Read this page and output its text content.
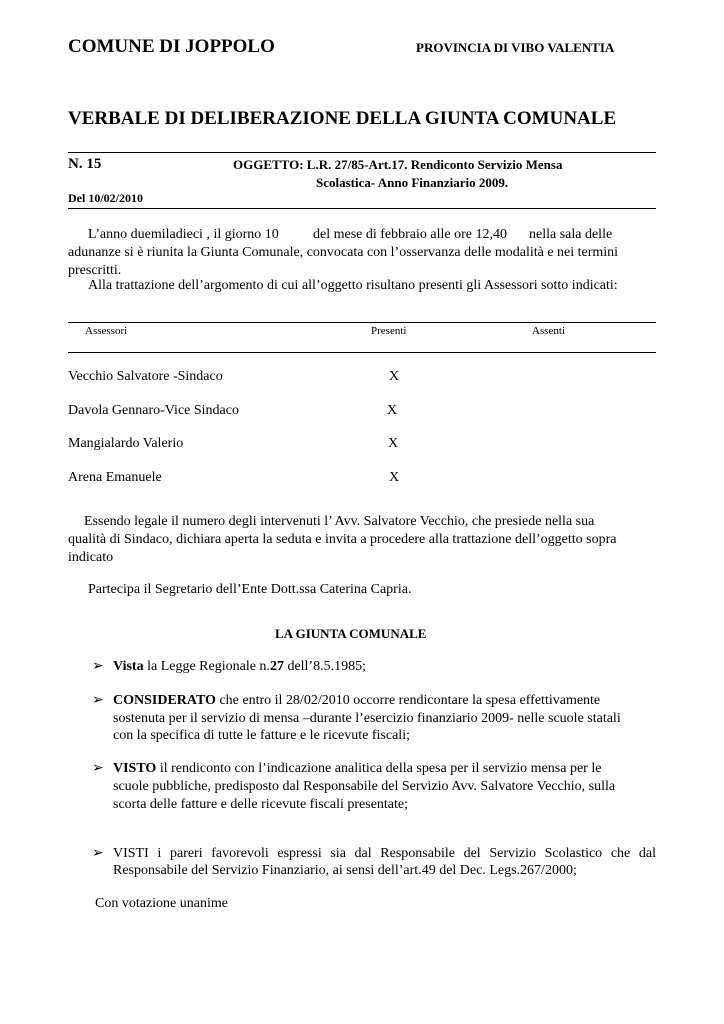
COMUNE DI JOPPOLO	PROVINCIA DI VIBO VALENTIA
VERBALE DI DELIBERAZIONE DELLA GIUNTA COMUNALE
N. 15	OGGETTO: L.R. 27/85-Art.17. Rendiconto Servizio Mensa
Scolastica- Anno Finanziario 2009.
Del 10/02/2010
L’anno duemiladieci , il giorno 10 del mese di febbraio alle ore 12,40 nella sala delle
adunanze si è riunita la Giunta Comunale, convocata con l’osservanza delle modalità e nei termini
prescritti.
Alla trattazione dell’argomento di cui all’oggetto risultano presenti gli Assessori sotto indicati:
Assessori	Presenti	Assenti
Vecchio Salvatore -Sindaco	X
Davola Gennaro-Vice Sindaco	X
Mangialardo Valerio	X
Arena Emanuele	X
Essendo legale il numero degli intervenuti l’ Avv. Salvatore Vecchio, che presiede nella sua
qualità di Sindaco, dichiara aperta la seduta e invita a procedere alla trattazione dell’oggetto sopra
indicato
Partecipa il Segretario dell’Ente Dott.ssa Caterina Capria.
LA GIUNTA COMUNALE
➢ Vista la Legge Regionale n.27 dell’8.5.1985;
➢ CONSIDERATO che entro il 28/02/2010 occorre rendicontare la spesa effettivamente
sostenuta per il servizio di mensa –durante l’esercizio finanziario 2009- nelle scuole statali
con la specifica di tutte le fatture e le ricevute fiscali;
➢ VISTO il rendiconto con l’indicazione analitica della spesa per il servizio mensa per le
scuole pubbliche, predisposto dal Responsabile del Servizio Avv. Salvatore Vecchio, sulla
scorta delle fatture e delle ricevute fiscali presentate;
➢ VISTI i pareri favorevoli espressi sia dal Responsabile del Servizio Scolastico che dal
Responsabile del Servizio Finanziario, ai sensi dell’art.49 del Dec. Legs.267/2000;
Con votazione unanime
